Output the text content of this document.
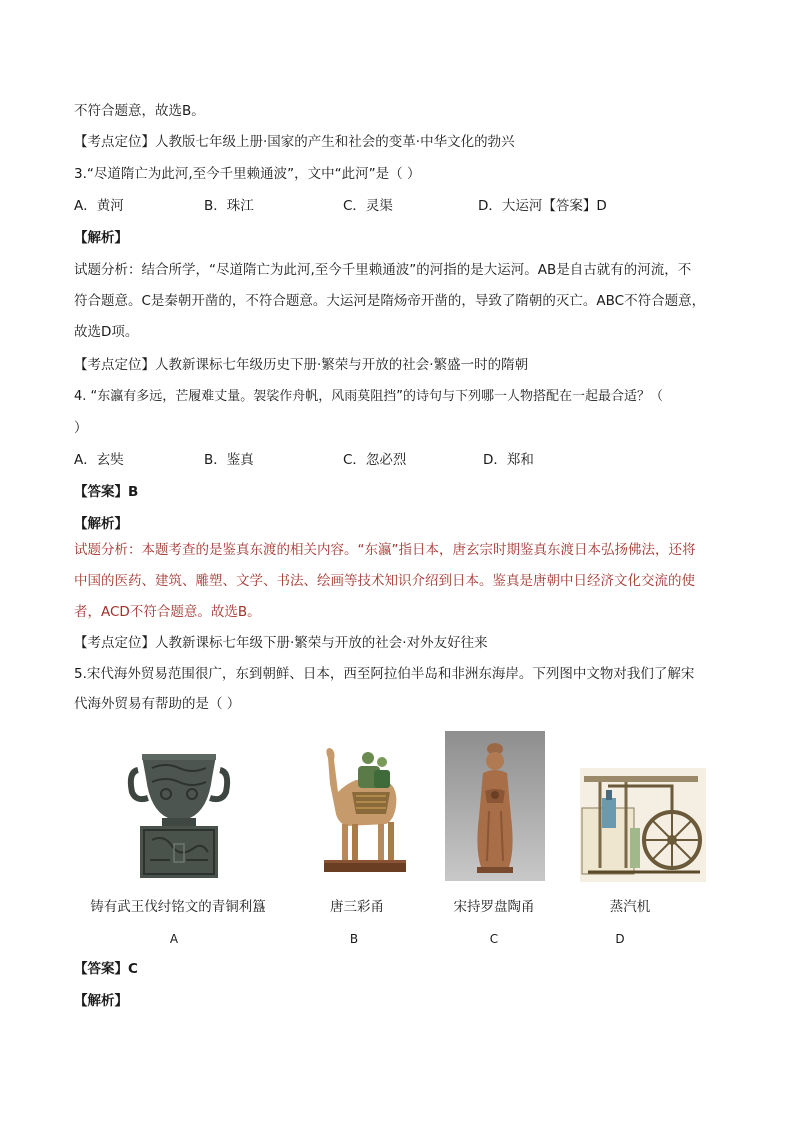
不符合题意，故选B。
【考点定位】人教版七年级上册·国家的产生和社会的变革·中华文化的勃兴
3.“尽道隋亡为此河,至今千里赖通波”，文中“此河”是（ ）
A．黄河	B．珠江	C．灵渠	D．大运河【答案】D
【解析】
试题分析：结合所学，“尽道隋亡为此河,至今千里赖通波”的河指的是大运河。AB是自古就有的河流，不
符合题意。C是秦朝开凿的，不符合题意。大运河是隋炀帝开凿的，导致了隋朝的灭亡。ABC不符合题意，
故选D项。
【考点定位】人教新课标七年级历史下册·繁荣与开放的社会·繁盛一时的隋朝
4. “东瀛有多远，芒履难丈量。袈裟作舟帆，风雨莫阻挡”的诗句与下列哪一人物搭配在一起最合适？（
）
A．玄奘	B．鉴真	C．忽必烈	D．郑和
【答案】B
【解析】
试题分析：本题考查的是鉴真东渡的相关内容。“东瀛”指日本，唐玄宗时期鉴真东渡日本弘扬佛法，还将
中国的医药、建筑、雕塑、文学、书法、绘画等技术知识介绍到日本。鉴真是唐朝中日经济文化交流的使
者，ACD不符合题意。故选B。
【考点定位】人教新课标七年级下册·繁荣与开放的社会·对外友好往来
5.宋代海外贸易范围很广，东到朝鲜、日本，西至阿拉伯半岛和非洲东海岸。下列图中文物对我们了解宋
代海外贸易有帮助的是（ ）
铸有武王伐纣铭文的青铜利簋	唐三彩甬	宋持罗盘陶甬	蒸汽机
A	B	C	D
【答案】C
【解析】
